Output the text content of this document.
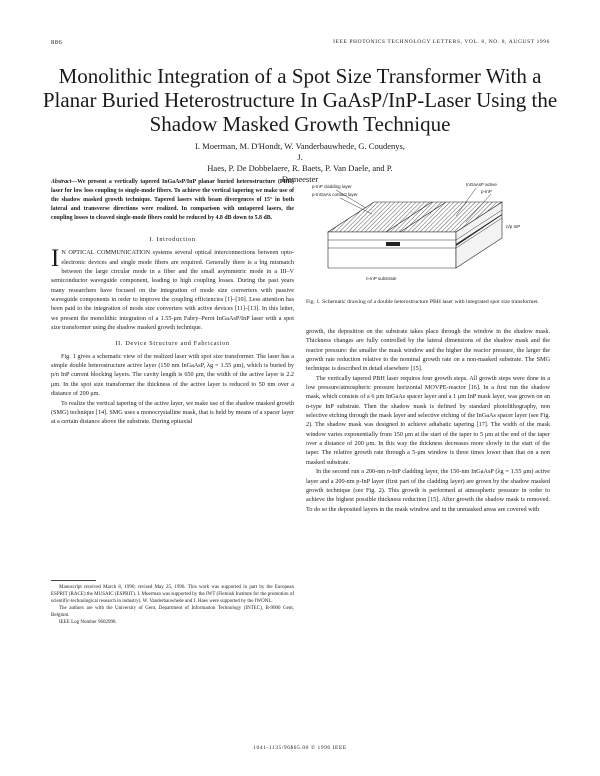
886	IEEE PHOTONICS TECHNOLOGY LETTERS, VOL. 8, NO. 8, AUGUST 1996
Monolithic Integration of a Spot Size Transformer With a Planar Buried Heterostructure In GaAsP/InP-Laser Using the Shadow Masked Growth Technique
I. Moerman, M. D'Hondt, W. Vanderbauwhede, G. Coudenys, J.
Haes, P. De Dobbelaere, R. Baets, P. Van Daele, and P. Demeester
Abstract—We present a vertically tapered InGaAsP/InP planar buried heterostructure (PBH) laser for low loss coupling to single-mode fibers. To achieve the vertical tapering we make use of the shadow masked growth technique. Tapered lasers with beam divergences of 15° in both lateral and transverse directions were realized. In comparison with untapered lasers, the coupling losses to cleaved single-mode fibers could be reduced by 4.8 dB down to 5.8 dB.
I. Introduction

I N OPTICAL COMMUNICATION systems several optical interconnections between opto-electronic devices and single mode fibers are required. Generally there is a big mismatch between the large circular mode in a fiber and the small asymmetric mode in a III–V semiconductor waveguide component, leading to high coupling losses. During the past years many researchers have focused on the integration of mode size converters with passive waveguide components in order to improve the coupling efficiencies [1]–[10]. Less attention has been paid to the integration of mode size converters with active devices [11]–[13]. In this letter, we present the monolithic integration of a 1.55-μm Fabry–Perot InGaAsP/InP laser with a spot size transformer using the shadow masked growth technique.

II. Device Structure and Fabrication

Fig. 1 gives a schematic view of the realized laser with spot size transformer. The laser has a simple double heterostructure active layer (150 nm InGaAsP, λg = 1.55 μm), which is buried by p/n InP current blocking layers. The cavity length is 650 μm, the width of the active layer is 2.2 μm. In the spot size transformer the thickness of the active layer is reduced to 50 nm over a distance of 200 μm.

To realize the vertical tapering of the active layer, we make use of the shadow masked growth (SMG) technique [14]. SMG uses a monocrystalline mask, that is held by means of a spacer layer at a certain distance above the substrate. During epitaxial

Manuscript received March 8, 1996; revised May 25, 1996. This work was supported in part by the European ESPRIT (RACE) the MUSAIC (ESPRIT). I. Moerman was supported by the IWT (Flemish Institute for the promotion of scientific-technological research in industry). W. Vanderbauwhede and J. Haes were supported by the IWONL.

The authors are with the University of Gent, Department of Information Technology (INTEC), B-9000 Gent, Belgium.

IEEE Log Number 9602998.

p-InP cladding layer
p-InGaAs contact layer
InGaAsP active
p-InP
n/p InP
n-InP substrate
Fig. 1. Schematic drawing of a double heterostructure PBH laser with integrated spot size transformer.

growth, the deposition on the substrate takes place through the window in the shadow mask. Thickness changes are fully controlled by the lateral dimensions of the shadow mask and the reactor pressure: the smaller the mask window and the higher the reactor pressure, the larger the growth rate reduction relative to the nominal growth rate on a non-masked substrate. The SMG technique is described in detail elsewhere [15].

The vertically tapered PBH laser requires four growth steps. All growth steps were done in a low pressure/atmospheric pressure horizontal MOVPE-reactor [16]. In a first run the shadow mask, which consists of a 6 μm InGaAs spacer layer and a 1 μm InP mask layer, was grown on an n-type InP substrate. Then the shadow mask is defined by standard photolithography, non selective etching through the mask layer and selective etching of the InGaAs spacer layer (see Fig. 2). The shadow mask was designed to achieve adiabatic tapering [17]. The width of the mask window varies exponentially from 150 μm at the start of the taper to 5 μm at the end of the taper over a distance of 200 μm. In this way the thickness decreases more slowly in the start of the taper. The relative growth rate through a 5-μm window is three times lower than that on a non masked substrate.

In the second run a 200-nm n-InP cladding layer, the 150-nm InGaAsP (λg = 1.55 μm) active layer and a 200-nm p-InP layer (first part of the cladding layer) are grown by the shadow masked growth technique (see Fig. 2). This growth is performed at atmospheric pressure in order to achieve the highest possible thickness reduction [15]. After growth the shadow mask is removed. To do so the deposited layers in the mask window and in the unmasked areas are covered with

1041-1135/96$05.00 © 1996 IEEE
